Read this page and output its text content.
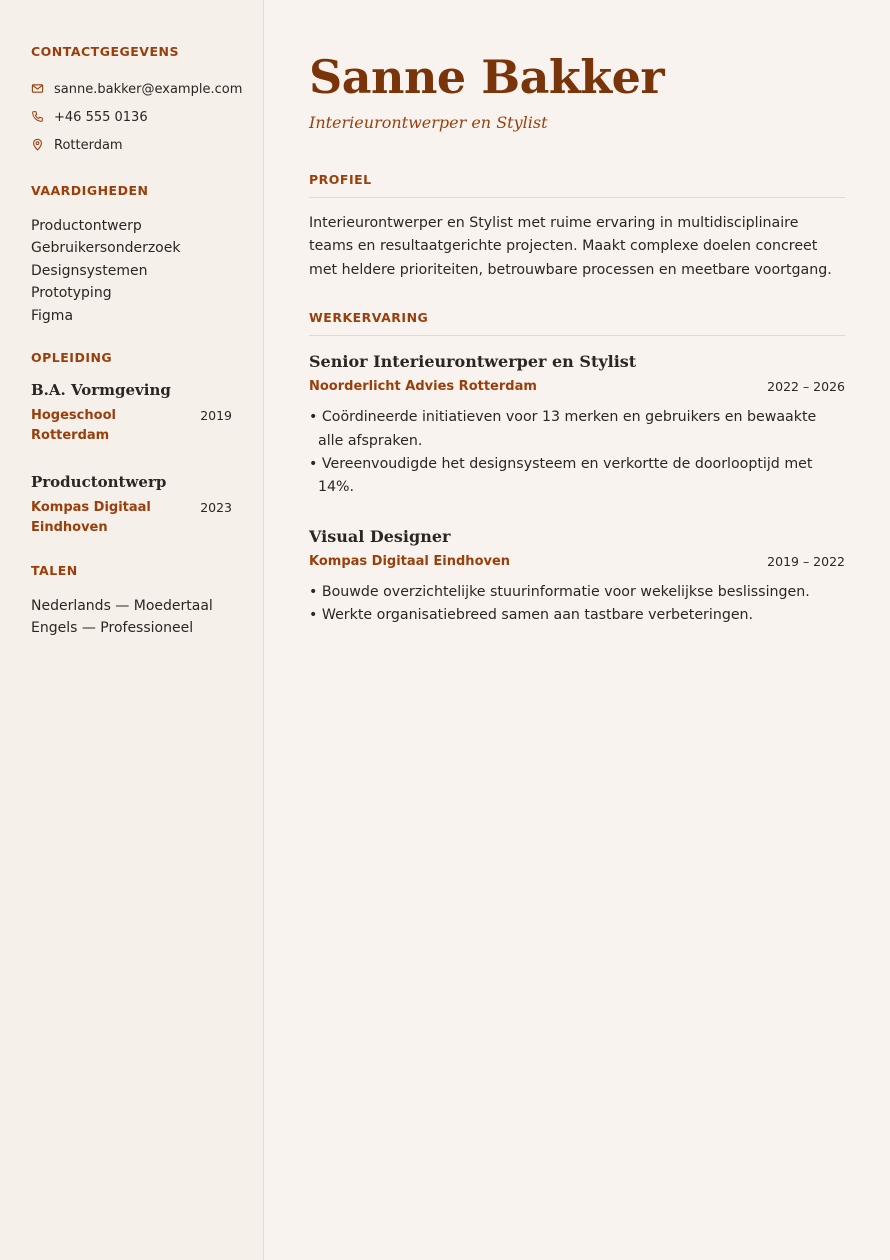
CONTACTGEGEVENS
sanne.bakker@example.com
+46 555 0136
Rotterdam
VAARDIGHEDEN
Productontwerp
Gebruikersonderzoek
Designsystemen
Prototyping
Figma
OPLEIDING
B.A. Vormgeving
Hogeschool Rotterdam
2019
Productontwerp
Kompas Digitaal Eindhoven
2023
TALEN
Nederlands — Moedertaal
Engels — Professioneel
Sanne Bakker
Interieurontwerper en Stylist
PROFIEL

Interieurontwerper en Stylist met ruime ervaring in multidisciplinaire teams en resultaatgerichte projecten. Maakt complexe doelen concreet met heldere prioriteiten, betrouwbare processen en meetbare voortgang.

WERKERVARING
Senior Interieurontwerper en Stylist
Noorderlicht Advies Rotterdam	2022 – 2026
• Coördineerde initiatieven voor 13 merken en gebruikers en bewaakte alle afspraken.
• Vereenvoudigde het designsysteem en verkortte de doorlooptijd met 14%.
Visual Designer
Kompas Digitaal Eindhoven	2019 – 2022
• Bouwde overzichtelijke stuurinformatie voor wekelijkse beslissingen.
• Werkte organisatiebreed samen aan tastbare verbeteringen.
